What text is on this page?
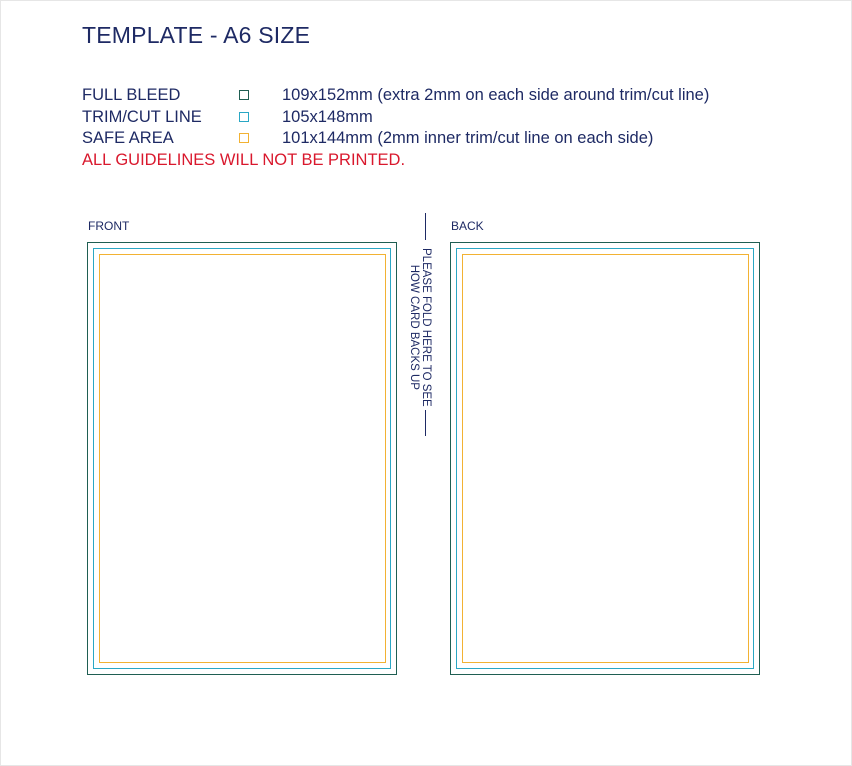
TEMPLATE - A6 SIZE
FULL BLEED	109x152mm (extra 2mm on each side around trim/cut line)
TRIM/CUT LINE	105x148mm
SAFE AREA	101x144mm (2mm inner trim/cut line on each side)
ALL GUIDELINES WILL NOT BE PRINTED.
FRONT
PLEASE FOLD HERE TO SEE
HOW CARD BACKS UP
BACK
